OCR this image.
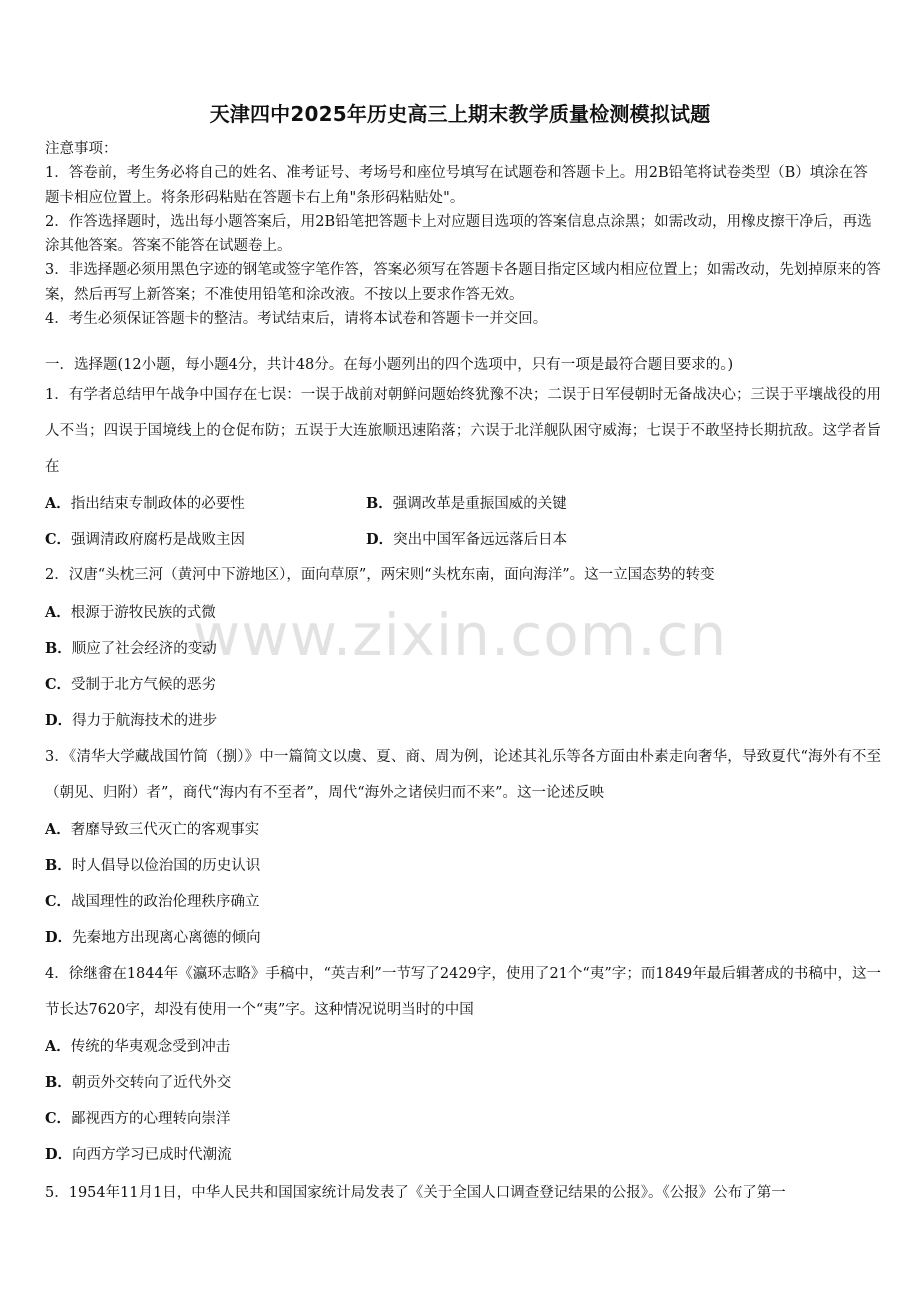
天津四中2025年历史高三上期末教学质量检测模拟试题

注意事项：

1．答卷前，考生务必将自己的姓名、准考证号、考场号和座位号填写在试题卷和答题卡上。用2B铅笔将试卷类型（B）填涂在答题卡相应位置上。将条形码粘贴在答题卡右上角"条形码粘贴处"。

2．作答选择题时，选出每小题答案后，用2B铅笔把答题卡上对应题目选项的答案信息点涂黑；如需改动，用橡皮擦干净后，再选涂其他答案。答案不能答在试题卷上。

3．非选择题必须用黑色字迹的钢笔或签字笔作答，答案必须写在答题卡各题目指定区域内相应位置上；如需改动，先划掉原来的答案，然后再写上新答案；不准使用铅笔和涂改液。不按以上要求作答无效。

4．考生必须保证答题卡的整洁。考试结束后，请将本试卷和答题卡一并交回。

一．选择题(12小题，每小题4分，共计48分。在每小题列出的四个选项中，只有一项是最符合题目要求的。)
1．有学者总结甲午战争中国存在七误：一误于战前对朝鲜问题始终犹豫不决；二误于日军侵朝时无备战决心；三误于平壤战役的用人不当；四误于国境线上的仓促布防；五误于大连旅顺迅速陷落；六误于北洋舰队困守威海；七误于不敢坚持长期抗敌。这学者旨在
A．指出结束专制政体的必要性	B．强调改革是重振国威的关键
C．强调清政府腐朽是战败主因	D．突出中国军备远远落后日本
2．汉唐“头枕三河（黄河中下游地区），面向草原”，两宋则“头枕东南，面向海洋”。这一立国态势的转变
A．根源于游牧民族的式微
B．顺应了社会经济的变动
C．受制于北方气候的恶劣
D．得力于航海技术的进步
3．《清华大学藏战国竹简（捌）》中一篇简文以虞、夏、商、周为例，论述其礼乐等各方面由朴素走向奢华，导致夏代“海外有不至（朝见、归附）者”，商代“海内有不至者”，周代“海外之诸侯归而不来”。这一论述反映
A．奢靡导致三代灭亡的客观事实
B．时人倡导以俭治国的历史认识
C．战国理性的政治伦理秩序确立
D．先秦地方出现离心离德的倾向
4．徐继畬在1844年《瀛环志略》手稿中，“英吉利”一节写了2429字，使用了21个“夷”字；而1849年最后辑著成的书稿中，这一节长达7620字，却没有使用一个“夷”字。这种情况说明当时的中国
A．传统的华夷观念受到冲击
B．朝贡外交转向了近代外交
C．鄙视西方的心理转向崇洋
D．向西方学习已成时代潮流
5．1954年11月1日，中华人民共和国国家统计局发表了《关于全国人口调查登记结果的公报》。《公报》公布了第一
www.zixin.com.cn
